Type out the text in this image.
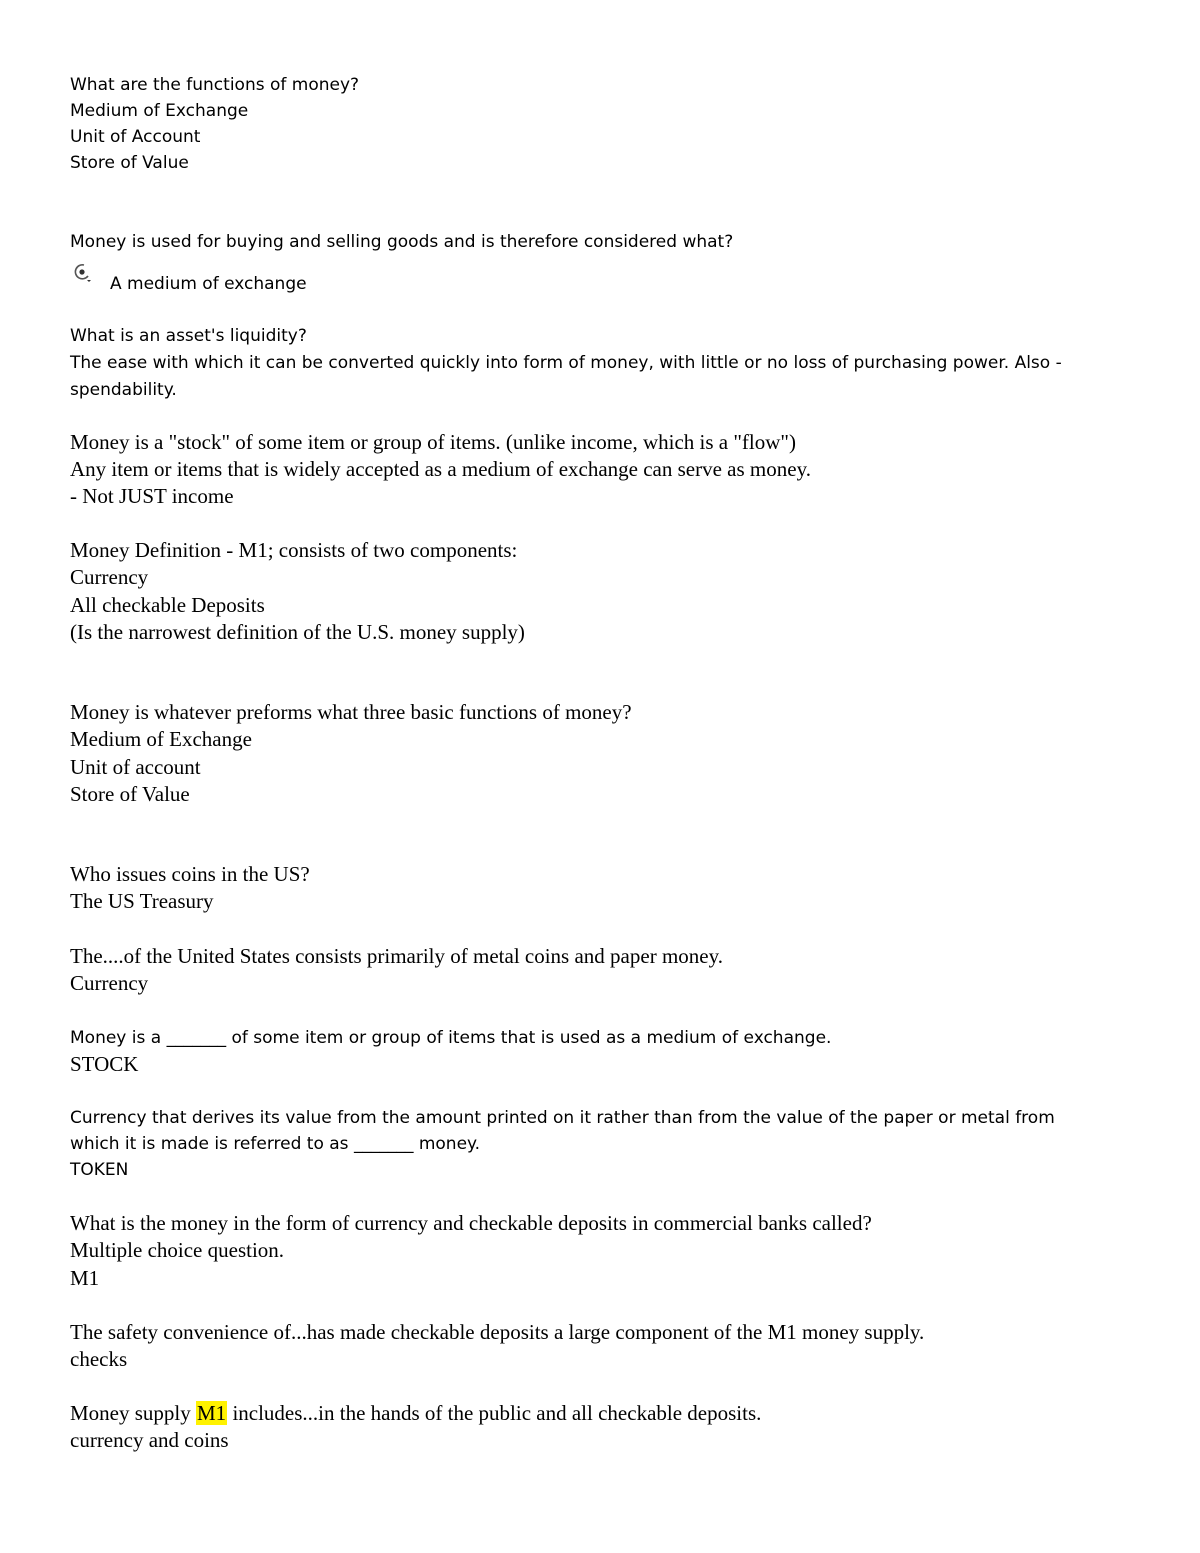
What are the functions of money?
Medium of Exchange
Unit of Account
Store of Value
Money is used for buying and selling goods and is therefore considered what?
A medium of exchange
What is an asset's liquidity?
The ease with which it can be converted quickly into form of money, with little or no loss of purchasing power. Also -
spendability.
Money is a "stock" of some item or group of items. (unlike income, which is a "flow")
Any item or items that is widely accepted as a medium of exchange can serve as money.
- Not JUST income
Money Definition - M1; consists of two components:
Currency
All checkable Deposits
(Is the narrowest definition of the U.S. money supply)
Money is whatever preforms what three basic functions of money?
Medium of Exchange
Unit of account
Store of Value
Who issues coins in the US?
The US Treasury
The....of the United States consists primarily of metal coins and paper money.
Currency
Money is a _______ of some item or group of items that is used as a medium of exchange.
STOCK
Currency that derives its value from the amount printed on it rather than from the value of the paper or metal from
which it is made is referred to as _______ money.
TOKEN
What is the money in the form of currency and checkable deposits in commercial banks called?
Multiple choice question.
M1
The safety convenience of...has made checkable deposits a large component of the M1 money supply.
checks
Money supply M1 includes...in the hands of the public and all checkable deposits.
currency and coins
